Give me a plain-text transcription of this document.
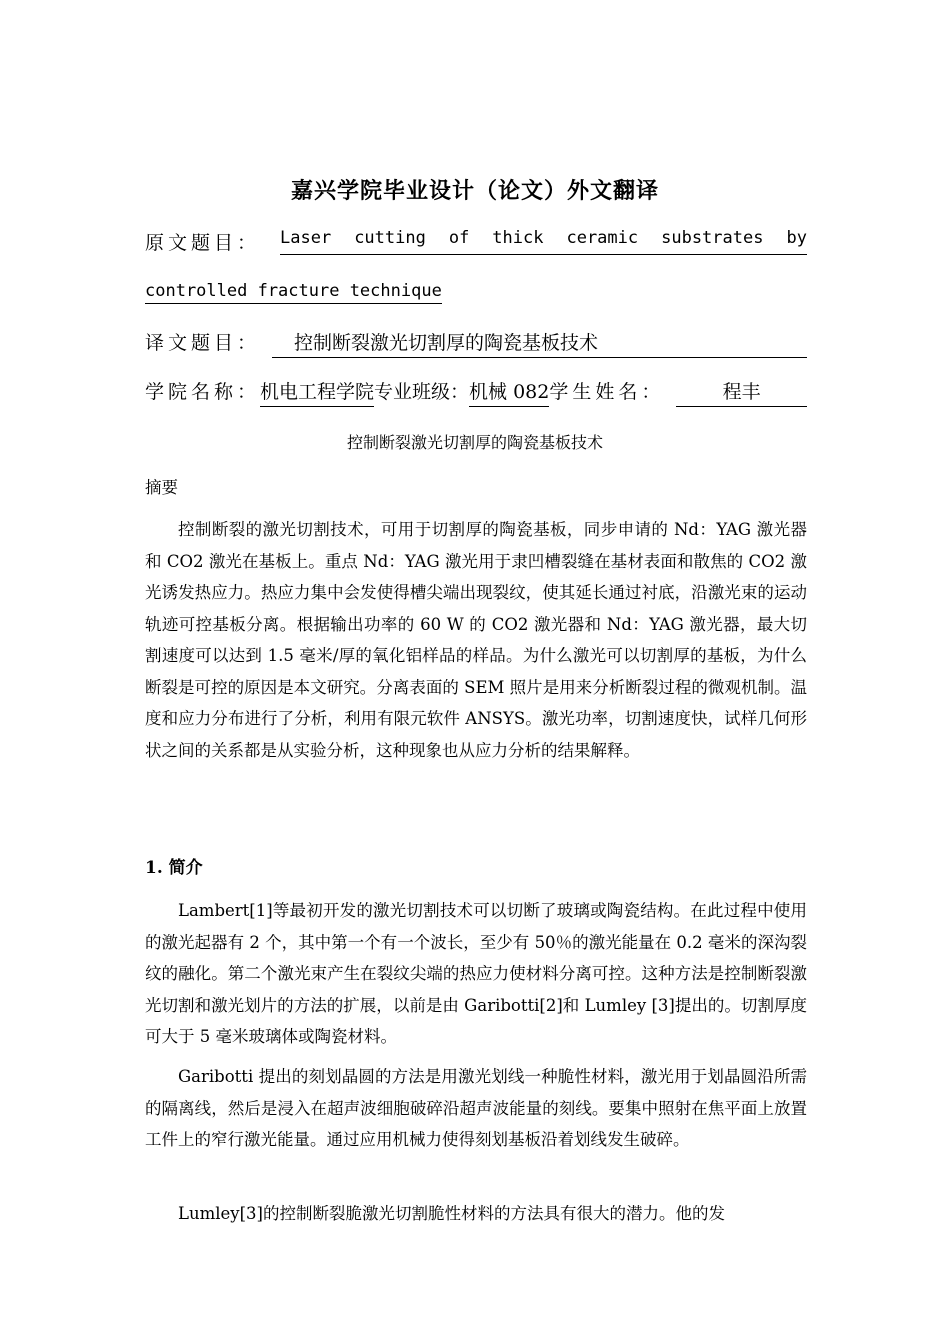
嘉兴学院毕业设计（论文）外文翻译
原文题目： Laser cutting of thick ceramic substrates by
controlled fracture technique
译文题目：	控制断裂激光切割厚的陶瓷基板技术
学院名称： 机电工程学院 专业班级： 机械 082 学生姓名：	程丰
控制断裂激光切割厚的陶瓷基板技术
摘要

控制断裂的激光切割技术，可用于切割厚的陶瓷基板，同步申请的 Nd：YAG 激光器和 CO2 激光在基板上。重点 Nd：YAG 激光用于隶凹槽裂缝在基材表面和散焦的 CO2 激光诱发热应力。热应力集中会发使得槽尖端出现裂纹，使其延长通过衬底，沿激光束的运动轨迹可控基板分离。根据输出功率的 60 W 的 CO2 激光器和 Nd：YAG 激光器，最大切割速度可以达到 1.5 毫米/厚的氧化铝样品的样品。为什么激光可以切割厚的基板，为什么断裂是可控的原因是本文研究。分离表面的 SEM 照片是用来分析断裂过程的微观机制。温度和应力分布进行了分析，利用有限元软件 ANSYS。激光功率，切割速度快，试样几何形状之间的关系都是从实验分析，这种现象也从应力分析的结果解释。

1. 简介

Lambert[1]等最初开发的激光切割技术可以切断了玻璃或陶瓷结构。在此过程中使用的激光起器有 2 个，其中第一个有一个波长，至少有 50％的激光能量在 0.2 毫米的深沟裂纹的融化。第二个激光束产生在裂纹尖端的热应力使材料分离可控。这种方法是控制断裂激光切割和激光划片的方法的扩展，以前是由 Garibotti[2]和 Lumley [3]提出的。切割厚度可大于 5 毫米玻璃体或陶瓷材料。

Garibotti 提出的刻划晶圆的方法是用激光划线一种脆性材料，激光用于划晶圆沿所需的隔离线，然后是浸入在超声波细胞破碎沿超声波能量的刻线。要集中照射在焦平面上放置工件上的窄行激光能量。通过应用机械力使得刻划基板沿着划线发生破碎。

Lumley[3]的控制断裂脆激光切割脆性材料的方法具有很大的潜力。他的发
